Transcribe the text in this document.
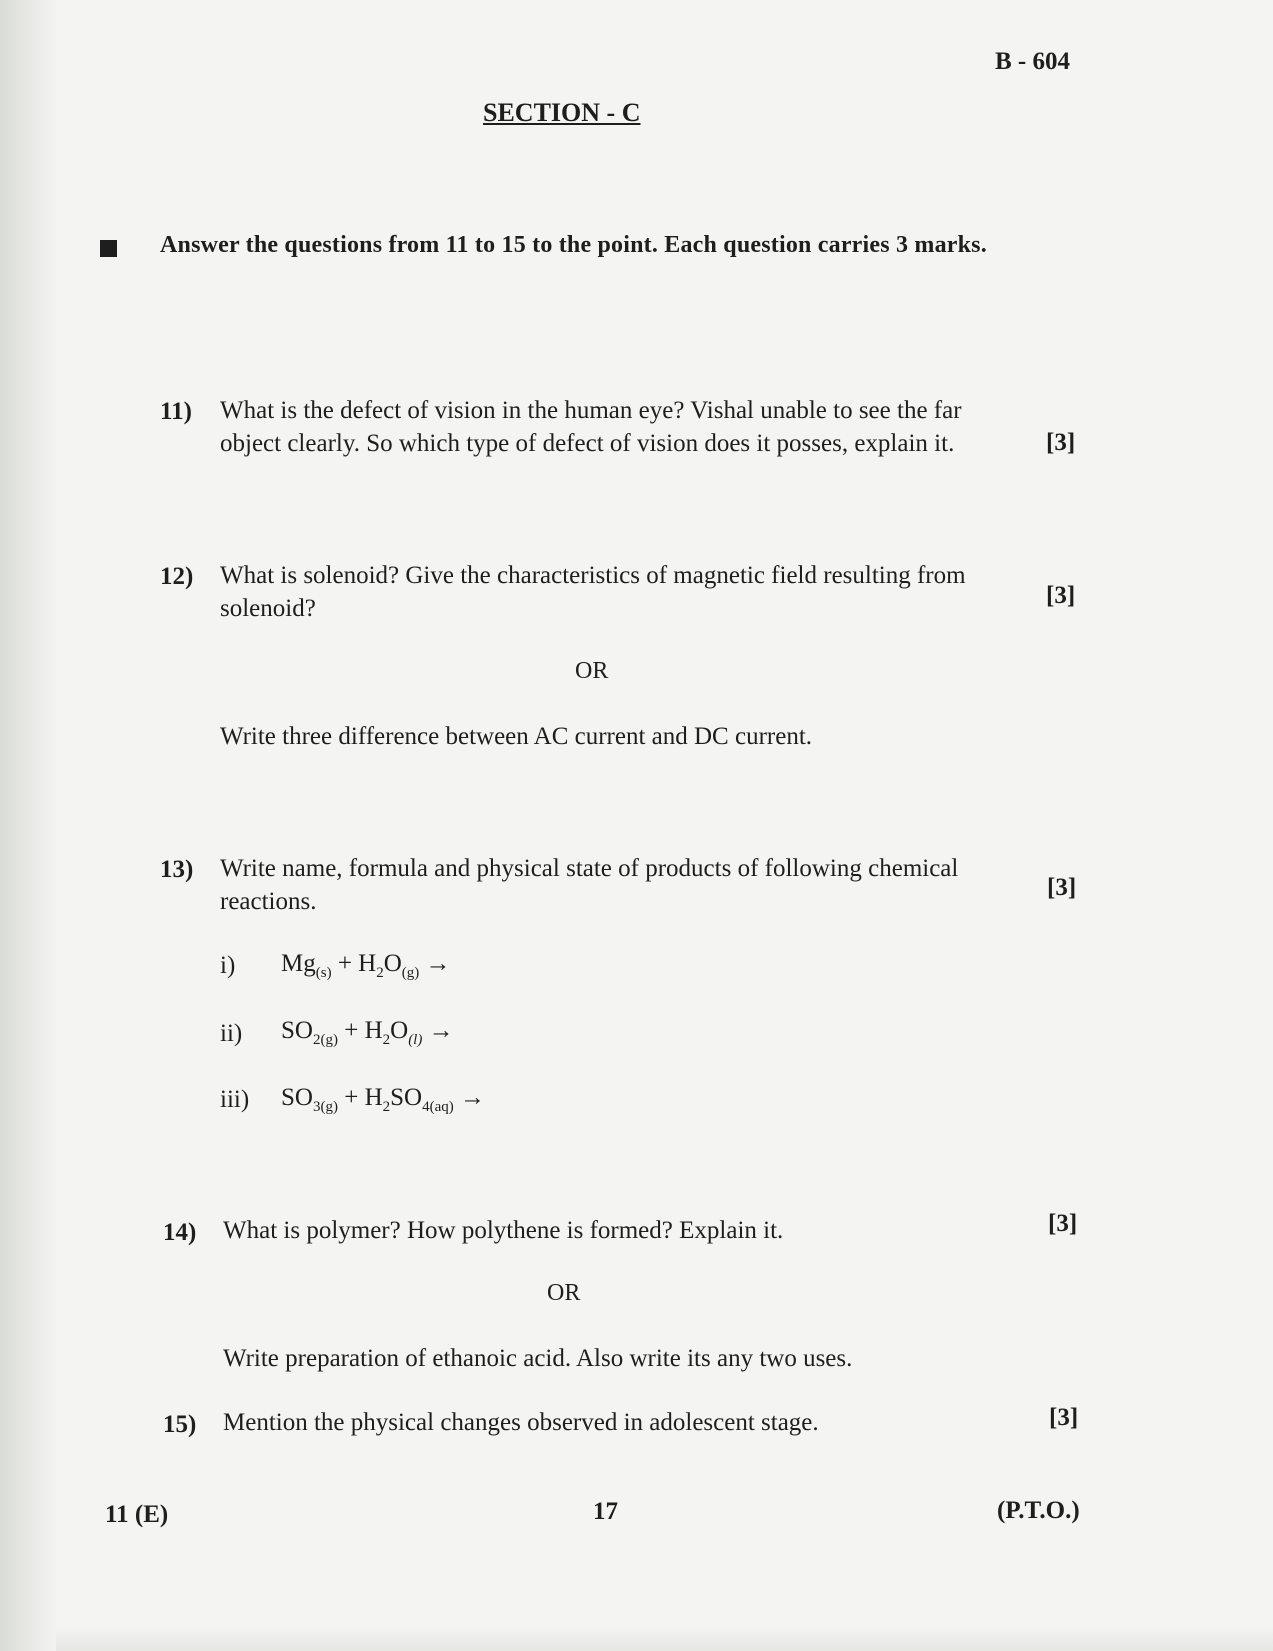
B - 604
SECTION - C
Answer the questions from 11 to 15 to the point. Each question carries 3 marks.
11) What is the defect of vision in the human eye? Vishal unable to see the far object clearly. So which type of defect of vision does it posses, explain it.	[3]
12) What is solenoid? Give the characteristics of magnetic field resulting from solenoid?	[3]
OR
Write three difference between AC current and DC current.
13) Write name, formula and physical state of products of following chemical reactions.
[3]
i) $Mg_{(s)} + H_2O_{(g)}$ →
ii) $SO_{2(g)} + H_2O_{(l)}$ →
iii) $SO_{3(g)} + H_2SO_{4(aq)}$ →
14) What is polymer? How polythene is formed? Explain it.	[3]
OR
Write preparation of ethanoic acid. Also write its any two uses.
15) Mention the physical changes observed in adolescent stage.	[3]
11 (E)	17	(P.T.O.)
